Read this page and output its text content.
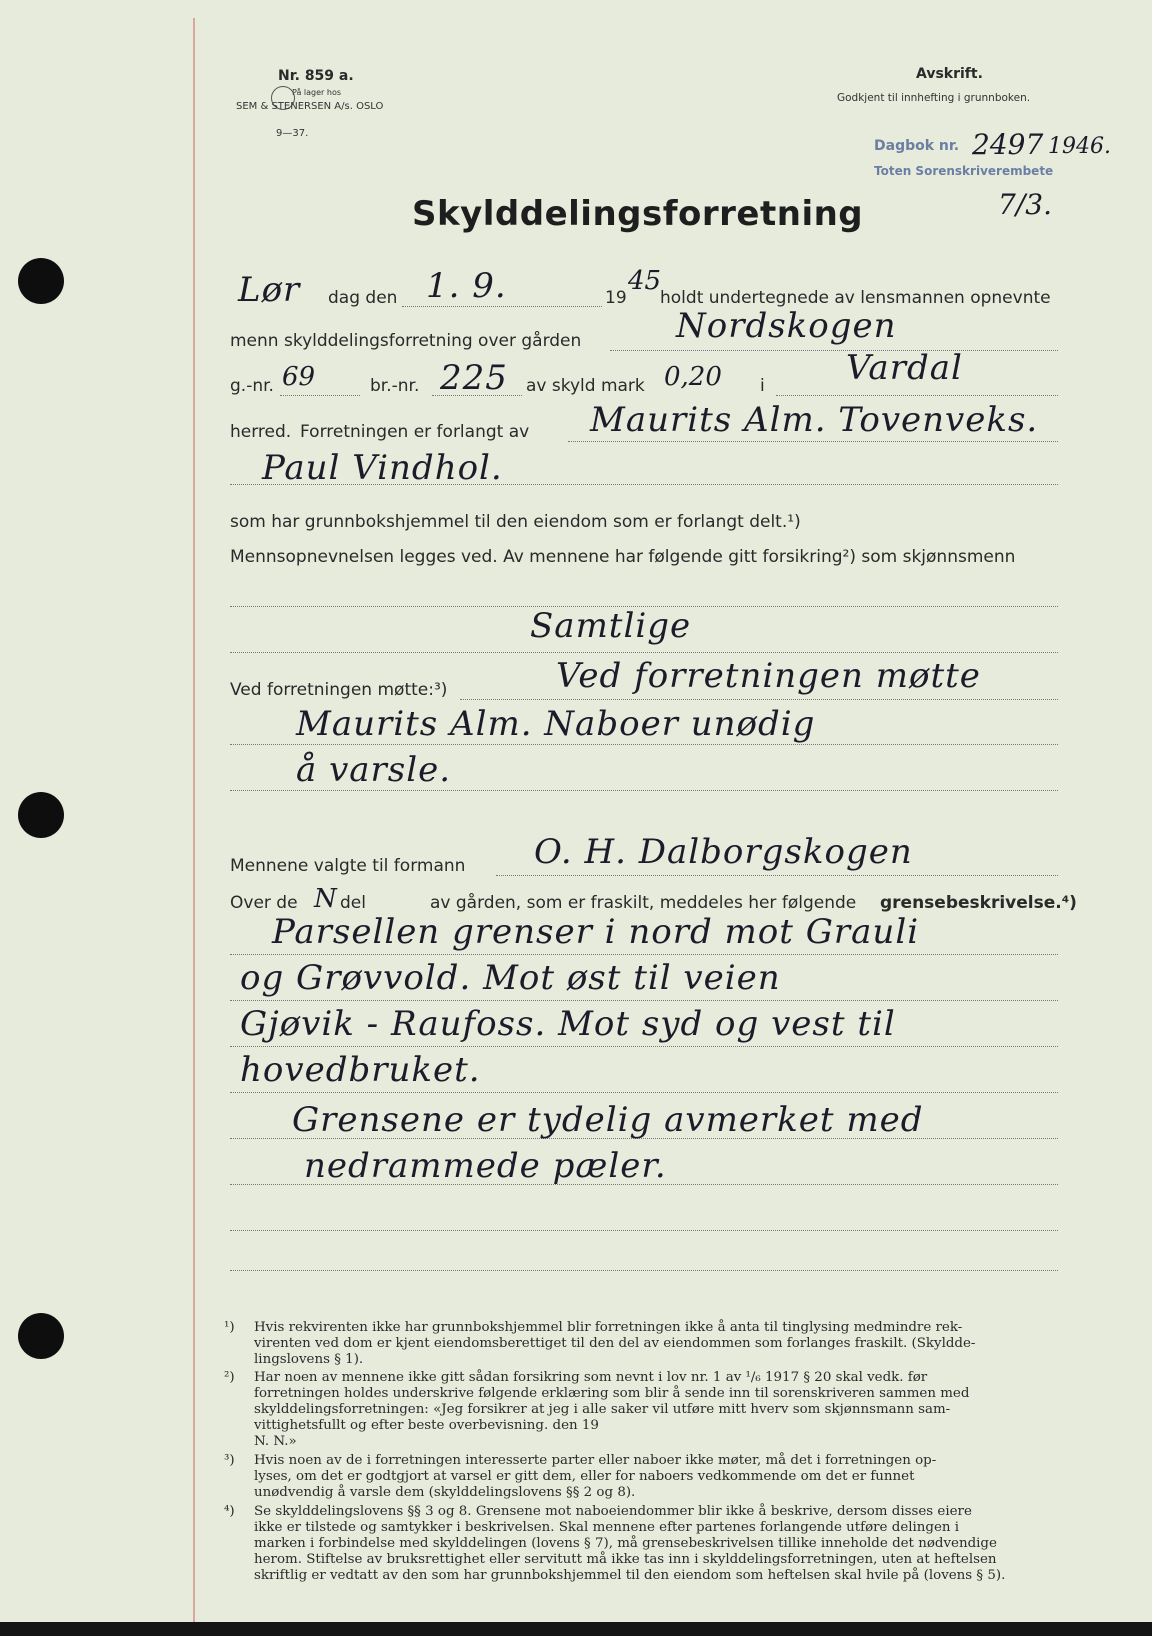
Nr. 859 a.
På lager hos
SEM & STENERSEN A/s. OSLO
9—37.
Avskrift.
Godkjent til innhefting i grunnboken.
Dagbok nr. 2497 1946.
Toten Sorenskriverembete
7/3.
Skylddelingsforretning
Lør dag den 1. 9.	19
45
holdt undertegnede av lensmannen opnevnte
menn skylddelingsforretning over gården	Nordskogen
g.-nr. 69	br.-nr. 225 av skyld mark 0,20 i Vardal
herred. Forretningen er forlangt av Maurits Alm. Tovenveks.
Paul Vindhol.
som har grunnbokshjemmel til den eiendom som er forlangt delt.¹)
Mennsopnevnelsen legges ved. Av mennene har følgende gitt forsikring²) som skjønnsmenn
Samtlige
Ved forretningen møtte:³)	Ved forretningen møtte
Maurits Alm. Naboer unødig
å varsle.
Mennene valgte til formann O. H. Dalborgskogen
Over de N del	av gården, som er fraskilt, meddeles her følgende grensebeskrivelse.⁴)
Parsellen grenser i nord mot Grauli
og Grøvvold. Mot øst til veien
Gjøvik - Raufoss. Mot syd og vest til
hovedbruket.
Grensene er tydelig avmerket med
nedrammede pæler.
¹)	Hvis rekvirenten ikke har grunnbokshjemmel blir forretningen ikke å anta til tinglysing medmindre rek-
virenten ved dom er kjent eiendomsberettiget til den del av eiendommen som forlanges fraskilt. (Skyldde-
lingslovens § 1).
²)	Har noen av mennene ikke gitt sådan forsikring som nevnt i lov nr. 1 av ¹/₆ 1917 § 20 skal vedk. før
forretningen holdes underskrive følgende erklæring som blir å sende inn til sorenskriveren sammen med
skylddelingsforretningen: «Jeg forsikrer at jeg i alle saker vil utføre mitt hverv som skjønnsmann sam-
vittighetsfullt og efter beste overbevisning. den 19
N. N.»
³)	Hvis noen av de i forretningen interesserte parter eller naboer ikke møter, må det i forretningen op-
lyses, om det er godtgjort at varsel er gitt dem, eller for naboers vedkommende om det er funnet
unødvendig å varsle dem (skylddelingslovens §§ 2 og 8).
⁴)	Se skylddelingslovens §§ 3 og 8. Grensene mot naboeiendommer blir ikke å beskrive, dersom disses eiere
ikke er tilstede og samtykker i beskrivelsen. Skal mennene efter partenes forlangende utføre delingen i
marken i forbindelse med skylddelingen (lovens § 7), må grensebeskrivelsen tillike inneholde det nødvendige
herom. Stiftelse av bruksrettighet eller servitutt må ikke tas inn i skylddelingsforretningen, uten at heftelsen
skriftlig er vedtatt av den som har grunnbokshjemmel til den eiendom som heftelsen skal hvile på (lovens § 5).
